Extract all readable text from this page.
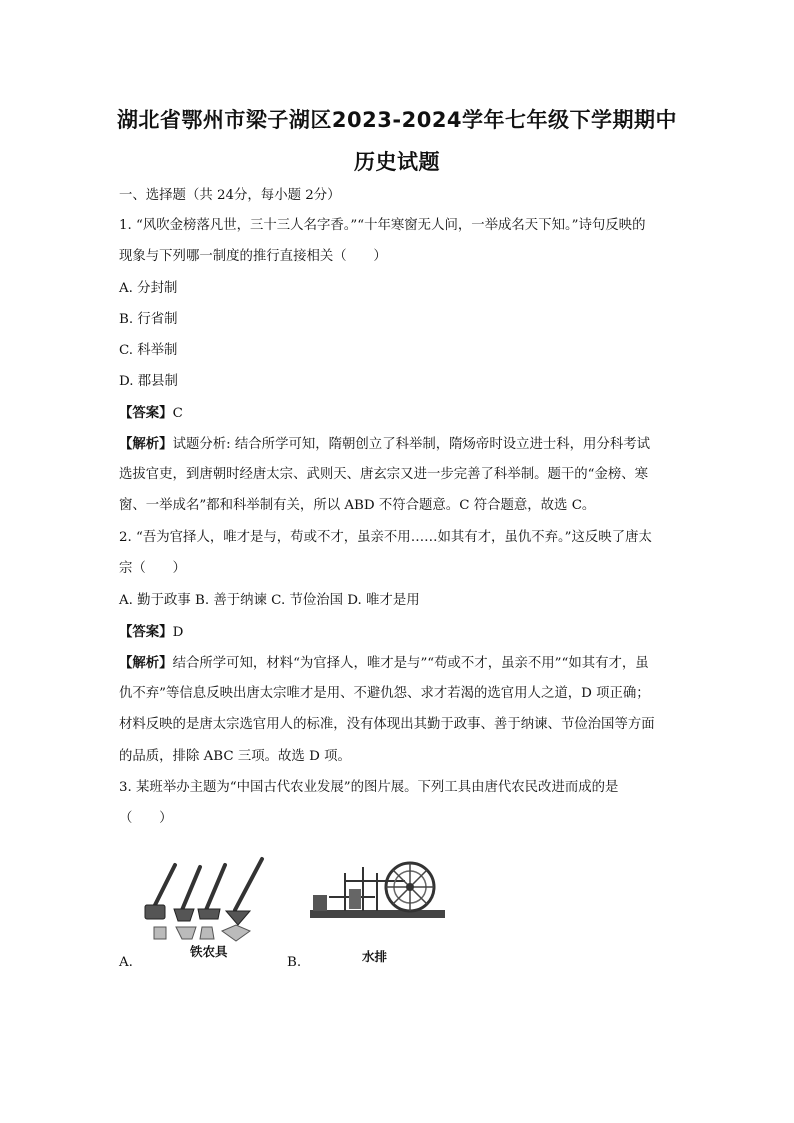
湖北省鄂州市梁子湖区2023-2024学年七年级下学期期中
历史试题
一、选择题（共 24分，每小题 2分）
1. “风吹金榜落凡世，三十三人名字香。”“十年寒窗无人问，一举成名天下知。”诗句反映的
现象与下列哪一制度的推行直接相关（　　）
A. 分封制
B. 行省制
C. 科举制
D. 郡县制
【答案】C
【解析】试题分析: 结合所学可知，隋朝创立了科举制，隋炀帝时设立进士科，用分科考试
选拔官吏，到唐朝时经唐太宗、武则天、唐玄宗又进一步完善了科举制。题干的“金榜、寒
窗、一举成名”都和科举制有关，所以 ABD 不符合题意。C 符合题意，故选 C。
2. “吾为官择人，唯才是与，苟或不才，虽亲不用……如其有才，虽仇不弃。”这反映了唐太
宗（　　）
A. 勤于政事 B. 善于纳谏 C. 节俭治国 D. 唯才是用
【答案】D
【解析】结合所学可知，材料“为官择人，唯才是与”“苟或不才，虽亲不用”“如其有才，虽
仇不弃”等信息反映出唐太宗唯才是用、不避仇怨、求才若渴的选官用人之道，D 项正确；
材料反映的是唐太宗选官用人的标准，没有体现出其勤于政事、善于纳谏、节俭治国等方面
的品质，排除 ABC 三项。故选 D 项。
3. 某班举办主题为“中国古代农业发展”的图片展。下列工具由唐代农民改进而成的是
（　　）
铁农具
A.	水排
B.
